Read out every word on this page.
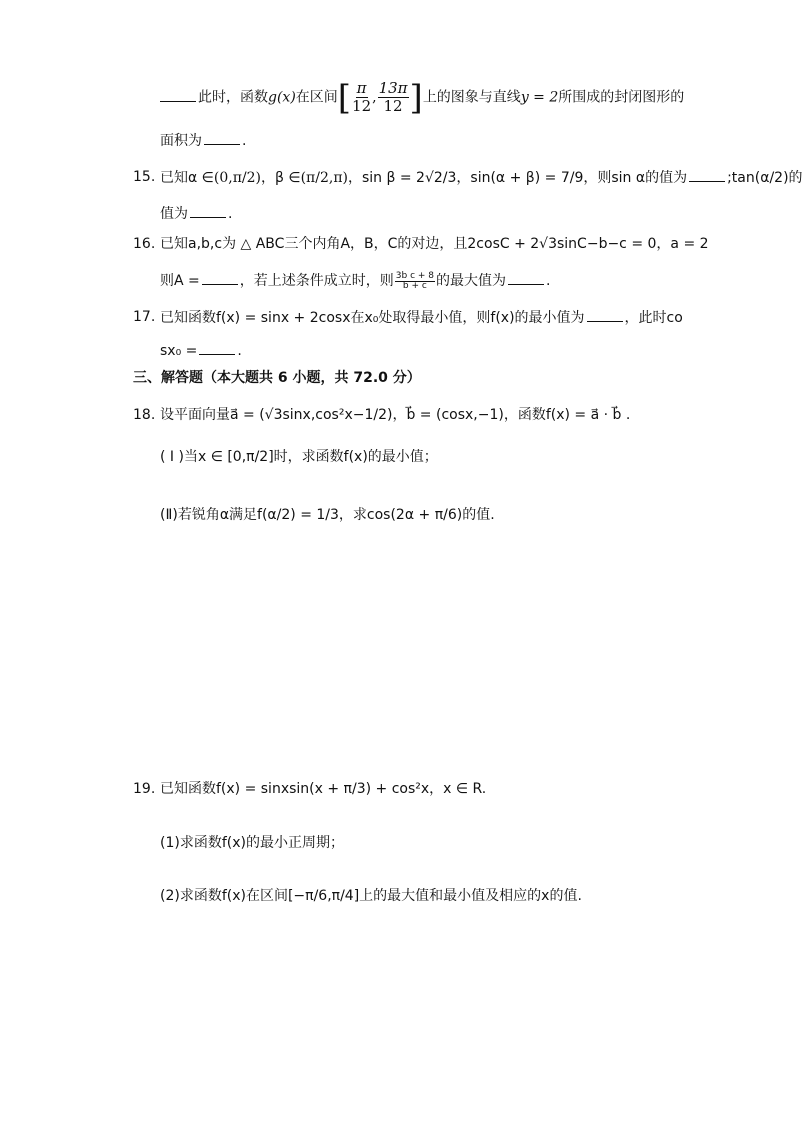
此时，函数g(x)在区间[ $\frac{\pi}{12}$ , $\frac{13\pi}{12}$ ]上的图象与直线y = 2所围成的封闭图形的
面积为	.
15. 已知α ∈(0,π/2)，β ∈(π/2,π)，sin β = 2√2/3，sin(α + β) = 7/9，则sin α的值为	;tan(α/2)的
值为	.
16. 已知a,b,c为 △ ABC三个内角A，B，C的对边，且2cosC + 2√3sinC−b−c = 0，a = 2
则A =	，若上述条件成立时，则 $\frac{\text{3b c + 8}}{b + c}$ 的最大值为	.
17. 已知函数f(x) = sinx + 2cosx在x₀处取得最小值，则f(x)的最小值为	，此时co
sx₀ =	.
三、解答题（本大题共 6 小题，共 72.0 分）
18. 设平面向量a⃗ = (√3sinx,cos²x−1/2)，b⃗ = (cosx,−1)，函数f(x) = a⃗ · b⃗ .
( I )当x ∈ [0,π/2]时，求函数f(x)的最小值；
(Ⅱ)若锐角α满足f(α/2) = 1/3，求cos(2α + π/6)的值.
19. 已知函数f(x) = sinxsin(x + π/3) + cos²x，x ∈ R.
(1)求函数f(x)的最小正周期；
(2)求函数f(x)在区间[−π/6,π/4]上的最大值和最小值及相应的x的值.
